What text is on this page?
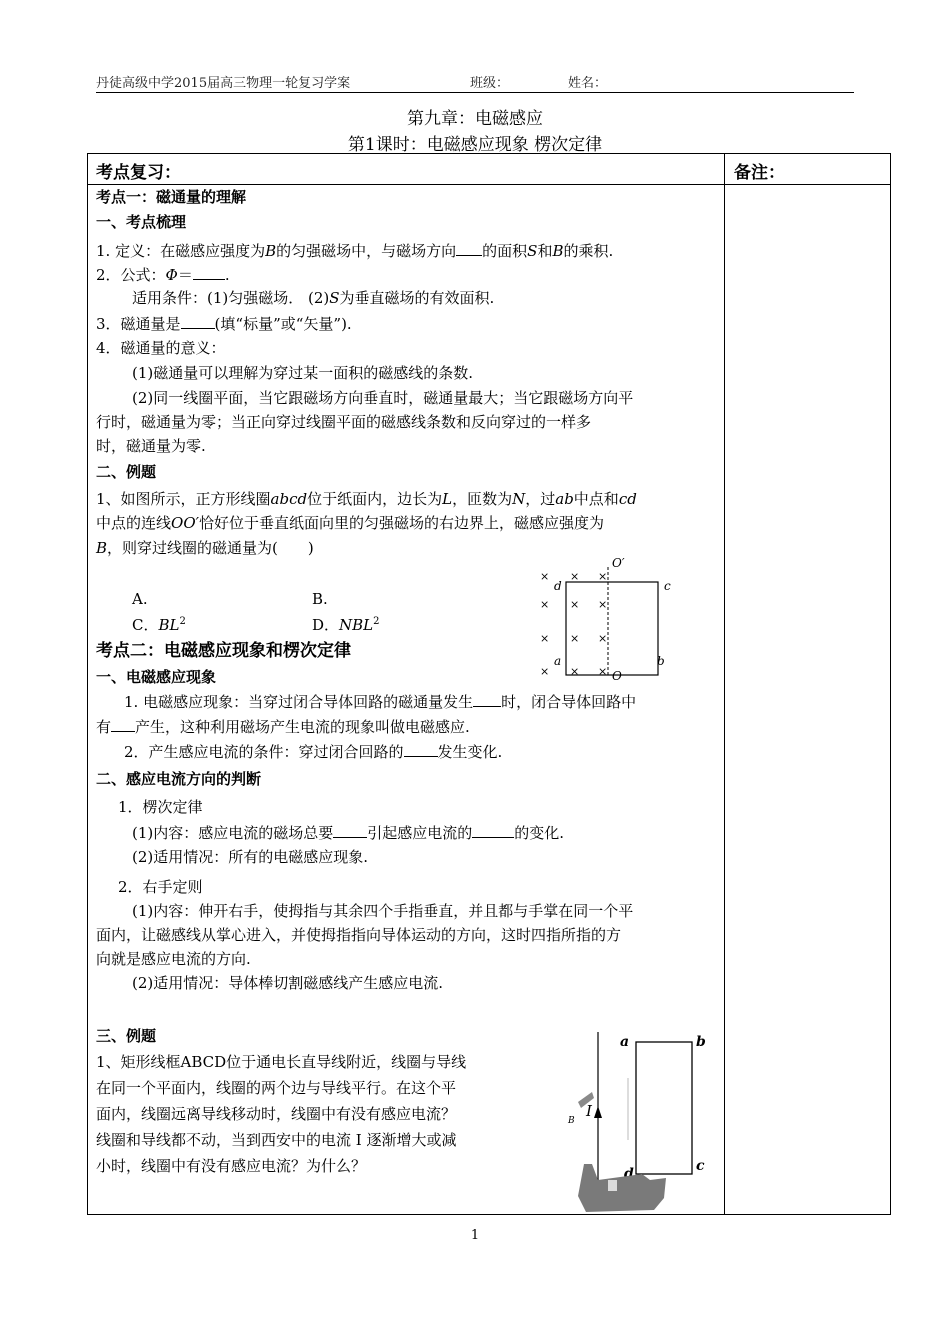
丹徒高级中学2015届高三物理一轮复习学案	班级：	姓名：
第九章：电磁感应
第1课时：电磁感应现象 楞次定律
考点复习：	备注：
考点一：磁通量的理解
一、考点梳理
1. 定义：在磁感应强度为B的匀强磁场中，与磁场方向 的面积S和B的乘积.
2．公式：Φ＝ .
适用条件：(1)匀强磁场． (2)S为垂直磁场的有效面积.
3．磁通量是 (填“标量”或“矢量”).
4．磁通量的意义：
(1)磁通量可以理解为穿过某一面积的磁感线的条数.
(2)同一线圈平面，当它跟磁场方向垂直时，磁通量最大；当它跟磁场方向平
行时，磁通量为零；当正向穿过线圈平面的磁感线条数和反向穿过的一样多
时，磁通量为零.
二、例题
1、如图所示，正方形线圈abcd位于纸面内，边长为L，匝数为N，过ab中点和cd
中点的连线OO′恰好位于垂直纸面向里的匀强磁场的右边界上，磁感应强度为
B，则穿过线圈的磁通量为(　　)
A.	B.
C．$BL^2$	D．NBL$^2$
O′
d	c
a	b
O
× × ×
× × ×
× × ×
× × ×
考点二：电磁感应现象和楞次定律
一、电磁感应现象
1. 电磁感应现象：当穿过闭合导体回路的磁通量发生 时，闭合导体回路中
有 产生，这种利用磁场产生电流的现象叫做电磁感应.
2．产生感应电流的条件：穿过闭合回路的 发生变化.
二、感应电流方向的判断
1．楞次定律
(1)内容：感应电流的磁场总要 引起感应电流的	的变化.
(2)适用情况：所有的电磁感应现象.
2．右手定则
(1)内容：伸开右手，使拇指与其余四个手指垂直，并且都与手掌在同一个平
面内，让磁感线从掌心进入，并使拇指指向导体运动的方向，这时四指所指的方
向就是感应电流的方向.
(2)适用情况：导体棒切割磁感线产生感应电流.
三、例题
1、矩形线框ABCD位于通电长直导线附近，线圈与导线
在同一个平面内，线圈的两个边与导线平行。在这个平
面内，线圈远离导线移动时，线圈中有没有感应电流？
线圈和导线都不动，当到西安中的电流 I 逐渐增大或减
小时，线圈中有没有感应电流？为什么？
I
B
a	b
c
d
1
